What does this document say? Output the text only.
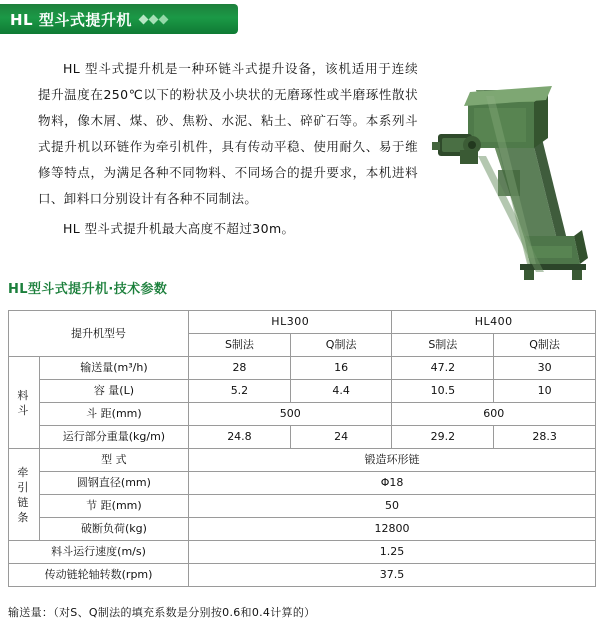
HL 型斗式提升机

HL 型斗式提升机是一种环链斗式提升设备，该机适用于连续提升温度在250℃以下的粉状及小块状的无磨琢性或半磨琢性散状物料，像木屑、煤、砂、焦粉、水泥、粘土、碎矿石等。本系列斗式提升机以环链作为牵引机件，具有传动平稳、使用耐久、易于维修等特点，为满足各种不同物料、不同场合的提升要求，本机进料口、卸料口分别设计有各种不同制法。

HL 型斗式提升机最大高度不超过30m。

HL型斗式提升机·技术参数
提升机型号		HL300		HL400	
		S制法	Q制法	S制法	Q制法
料斗	输送量(m³/h)	28	16	47.2	30
	容 量(L)	5.2	4.4	10.5	10
	斗 距(mm)	500		600	
	运行部分重量(kg/m)	24.8	24	29.2	28.3
牵引链条	型 式	锻造环形链			
	圆钢直径(mm)	Φ18			
	节 距(mm)	50			
	破断负荷(kg)	12800			
料斗运行速度(m/s)		1.25			
传动链轮轴转数(rpm)		37.5			
输送量：（对S、Q制法的填充系数是分别按0.6和0.4计算的）
